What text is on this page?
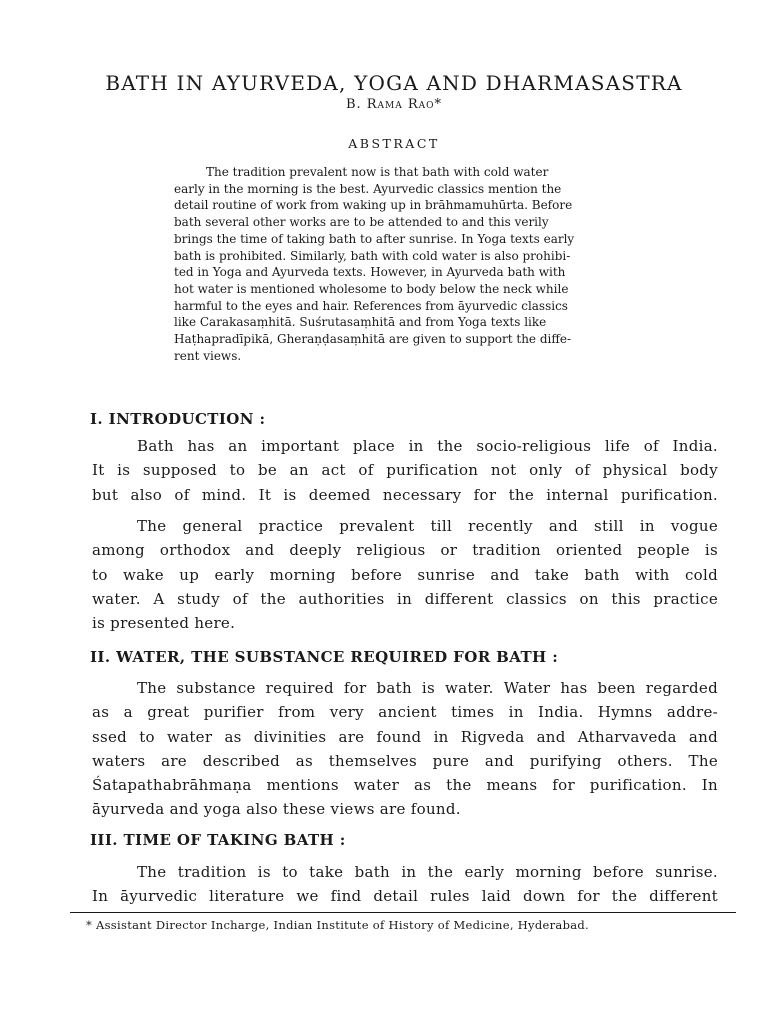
BATH IN AYURVEDA, YOGA AND DHARMASASTRA
B. Rama Rao*
ABSTRACT
The tradition prevalent now is that bath with cold water
early in the morning is the best. Ayurvedic classics mention the
detail routine of work from waking up in brāhmamuhūrta. Before
bath several other works are to be attended to and this verily
brings the time of taking bath to after sunrise. In Yoga texts early
bath is prohibited. Similarly, bath with cold water is also prohibi-
ted in Yoga and Ayurveda texts. However, in Ayurveda bath with
hot water is mentioned wholesome to body below the neck while
harmful to the eyes and hair. References from āyurvedic classics
like Carakasaṃhitā. Suśrutasaṃhitā and from Yoga texts like
Haṭhapradīpikā, Gheraṇḍasaṃhitā are given to support the diffe-
rent views.
I. INTRODUCTION :
Bath has an important place in the socio-religious life of India.
It is supposed to be an act of purification not only of physical body
but also of mind. It is deemed necessary for the internal purification.
The general practice prevalent till recently and still in vogue
among orthodox and deeply religious or tradition oriented people is
to wake up early morning before sunrise and take bath with cold
water. A study of the authorities in different classics on this practice
is presented here.
II. WATER, THE SUBSTANCE REQUIRED FOR BATH :
The substance required for bath is water. Water has been regarded
as a great purifier from very ancient times in India. Hymns addre-
ssed to water as divinities are found in Rigveda and Atharvaveda and
waters are described as themselves pure and purifying others. The
Śatapathabrāhmaṇa mentions water as the means for purification. In
āyurveda and yoga also these views are found.
III. TIME OF TAKING BATH :
The tradition is to take bath in the early morning before sunrise.
In āyurvedic literature we find detail rules laid down for the different
* Assistant Director Incharge, Indian Institute of History of Medicine, Hyderabad.
